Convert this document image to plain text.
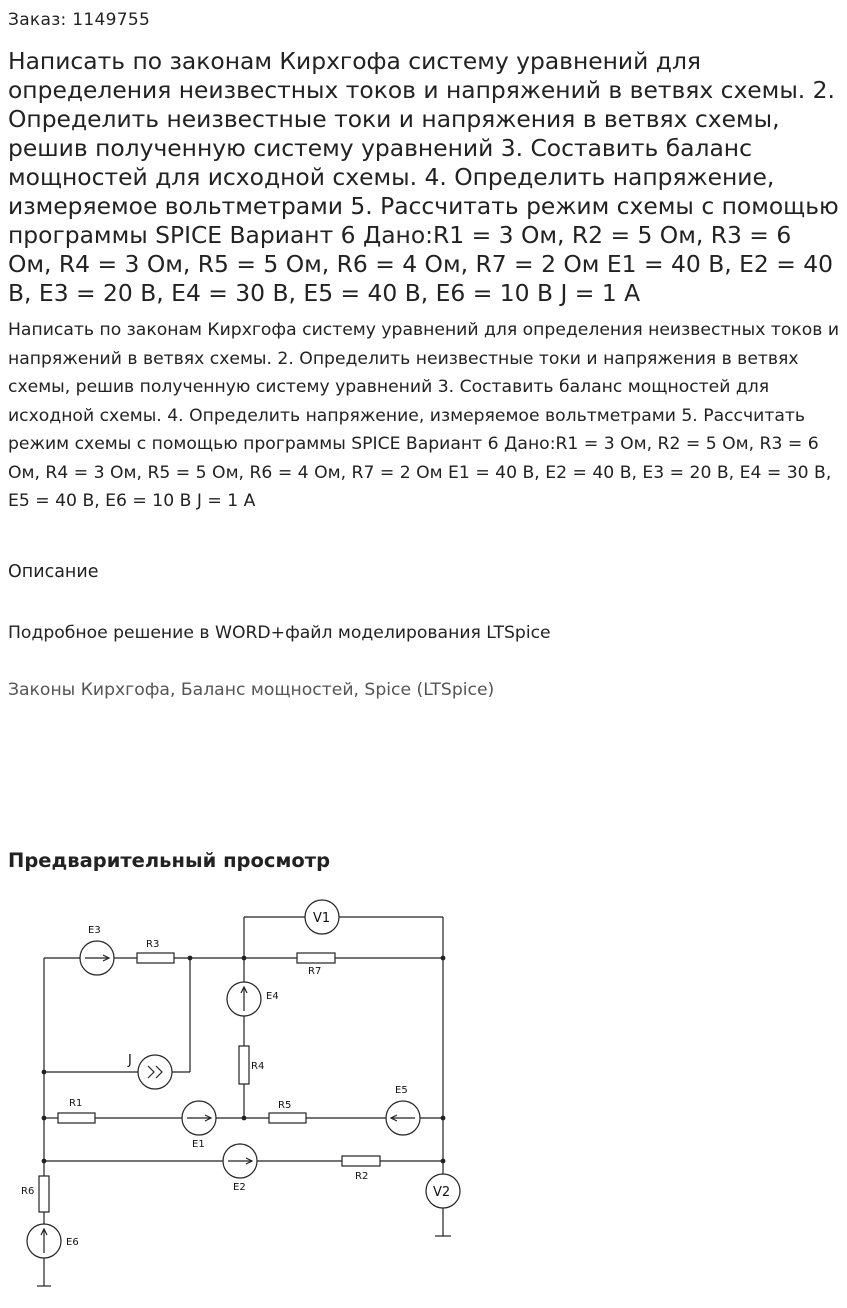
Заказ: 1149755
Написать по законам Кирхгофа систему уравнений для определения неизвестных токов и напряжений в ветвях схемы. 2. Определить неизвестные токи и напряжения в ветвях схемы, решив полученную систему уравнений 3. Составить баланс мощностей для исходной схемы. 4. Определить напряжение, измеряемое вольтметрами 5. Рассчитать режим схемы с помощью программы SPICE Вариант 6 Дано:R1 = 3 Ом, R2 = 5 Ом, R3 = 6 Ом, R4 = 3 Ом, R5 = 5 Ом, R6 = 4 Ом, R7 = 2 Ом E1 = 40 В, E2 = 40 В, E3 = 20 В, E4 = 30 В, E5 = 40 В, E6 = 10 В J = 1 А
Написать по законам Кирхгофа систему уравнений для определения неизвестных токов и напряжений в ветвях схемы. 2. Определить неизвестные токи и напряжения в ветвях схемы, решив полученную систему уравнений 3. Составить баланс мощностей для исходной схемы. 4. Определить напряжение, измеряемое вольтметрами 5. Рассчитать режим схемы с помощью программы SPICE Вариант 6 Дано:R1 = 3 Ом, R2 = 5 Ом, R3 = 6 Ом, R4 = 3 Ом, R5 = 5 Ом, R6 = 4 Ом, R7 = 2 Ом E1 = 40 В, E2 = 40 В, E3 = 20 В, E4 = 30 В, E5 = 40 В, E6 = 10 В J = 1 А
Описание
Подробное решение в WORD+файл моделирования LTSpice
Законы Кирхгофа, Баланс мощностей, Spice (LTSpice)
Предварительный просмотр
E3
R3
V1
R7
E4
R4
J
R1
E1
R5
E5
E2
R2
V2
R6
E6
